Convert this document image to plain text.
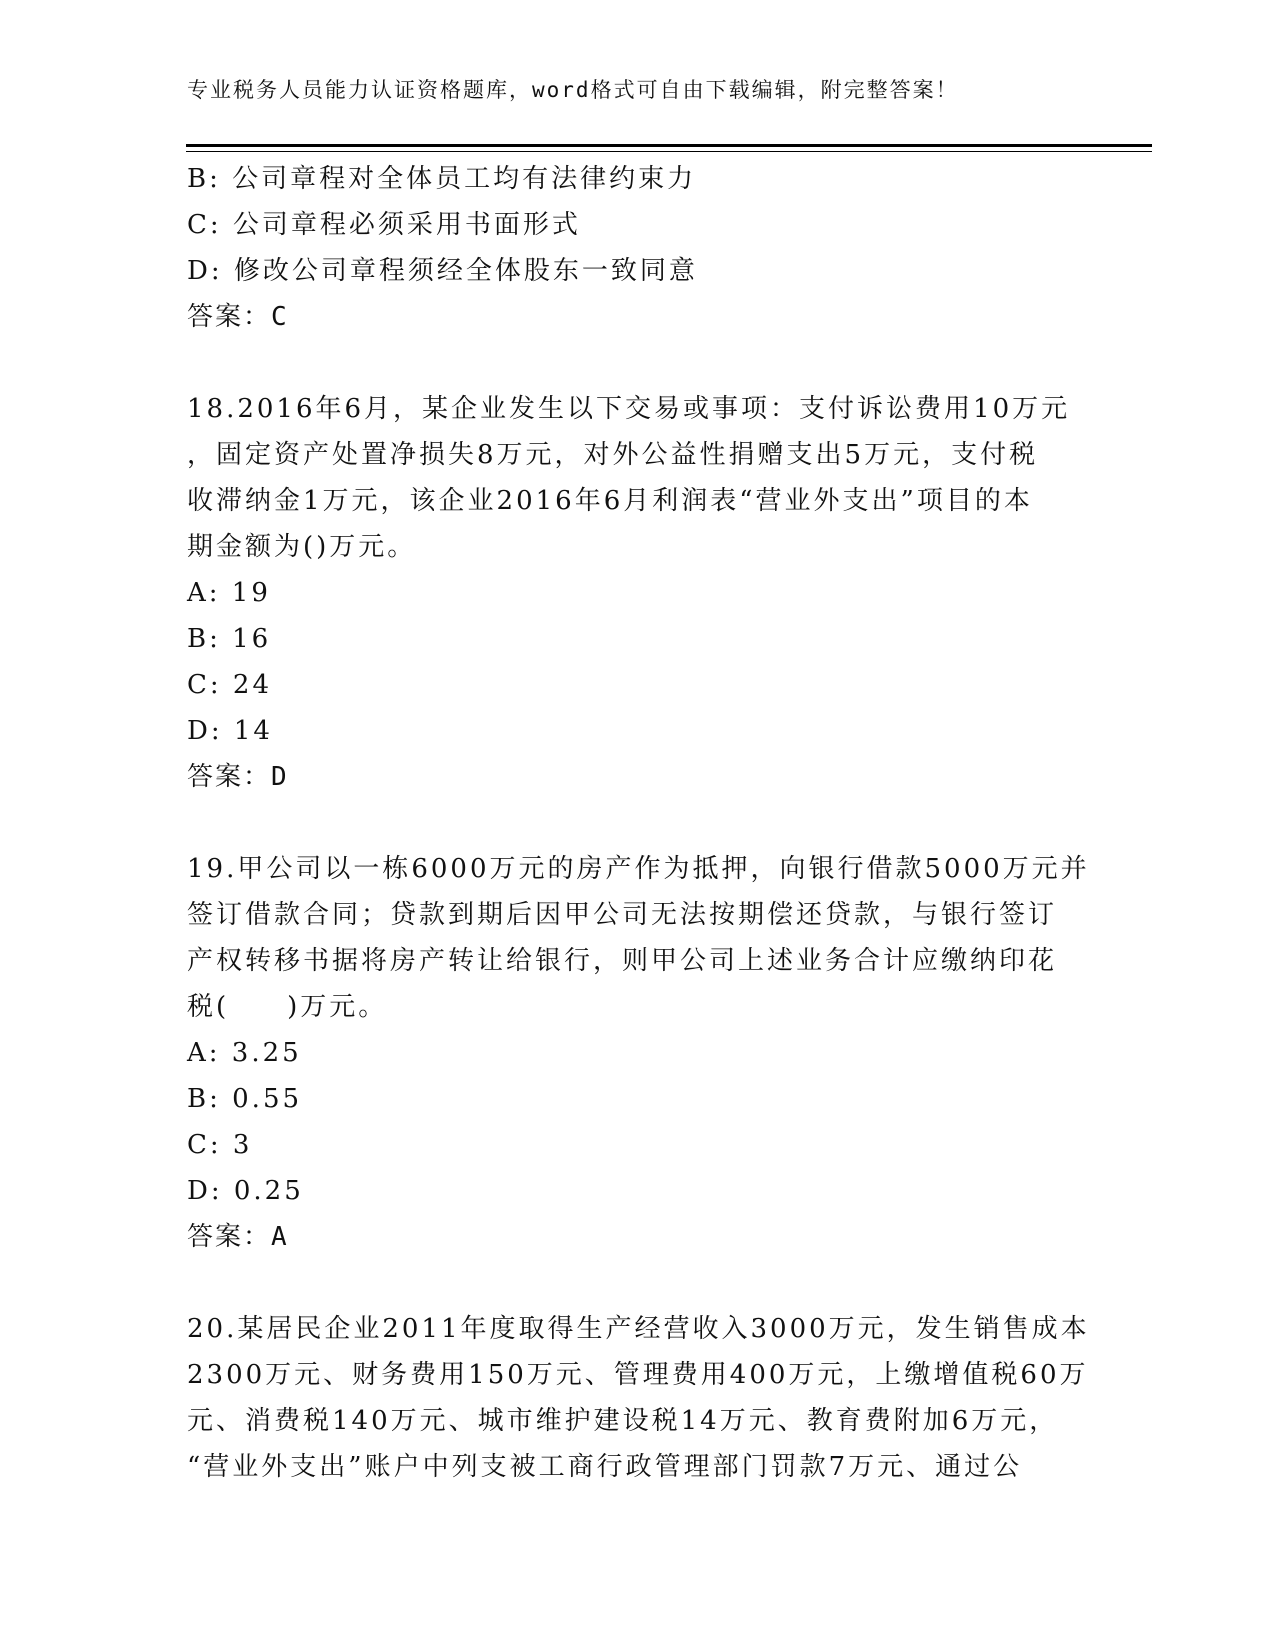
专业税务人员能力认证资格题库，word格式可自由下载编辑，附完整答案！
B: 公司章程对全体员工均有法律约束力
C: 公司章程必须采用书面形式
D: 修改公司章程须经全体股东一致同意
答案：C
18.2016年6月，某企业发生以下交易或事项：支付诉讼费用10万元
，固定资产处置净损失8万元，对外公益性捐赠支出5万元，支付税
收滞纳金1万元，该企业2016年6月利润表“营业外支出”项目的本
期金额为()万元。
A: 19
B: 16
C: 24
D: 14
答案：D
19.甲公司以一栋6000万元的房产作为抵押，向银行借款5000万元并
签订借款合同；贷款到期后因甲公司无法按期偿还贷款，与银行签订
产权转移书据将房产转让给银行，则甲公司上述业务合计应缴纳印花
税(　　)万元。
A: 3.25
B: 0.55
C: 3
D: 0.25
答案：A
20.某居民企业2011年度取得生产经营收入3000万元，发生销售成本
2300万元、财务费用150万元、管理费用400万元，上缴增值税60万
元、消费税140万元、城市维护建设税14万元、教育费附加6万元，
“营业外支出”账户中列支被工商行政管理部门罚款7万元、通过公
